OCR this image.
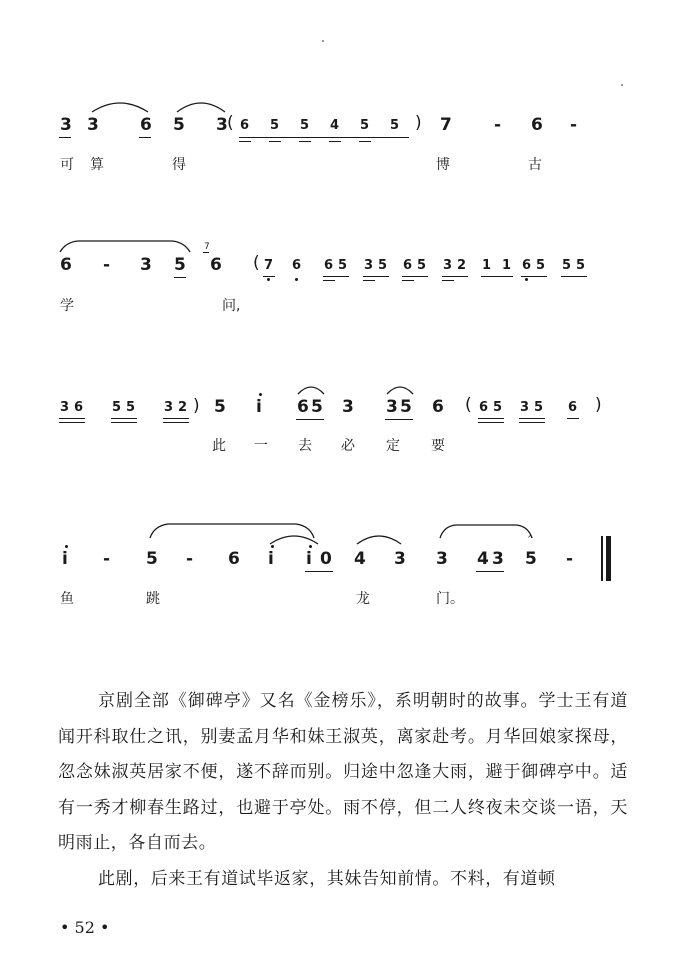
3 3 6 5 3 ( 6 5 5 4 5 5 ) 7 - 6 -
可 算	得	博	古
6 - 3 5
7
6 ( 7 6 6 5 3 5 6 5 3 2 1 1 6 5 5 5
学	问,
3 6 5 5 3 2 ) 5 i 6 5 3 3 5 6 ( 6 5 3 5 6 )
此 一 去 必 定 要
i - 5 - 6 i i 0 4 3 3 4 3 5 -
^
鱼	跳	龙	门。

京剧全部《御碑亭》又名《金榜乐》，系明朝时的故事。学士王有道闻开科取仕之讯，别妻孟月华和妹王淑英，离家赴考。月华回娘家探母，忽念妹淑英居家不便，遂不辞而别。归途中忽逢大雨，避于御碑亭中。适有一秀才柳春生路过，也避于亭处。雨不停，但二人终夜未交谈一语，天明雨止，各自而去。

此剧，后来王有道试毕返家，其妹告知前情。不料，有道顿

• 52 •
